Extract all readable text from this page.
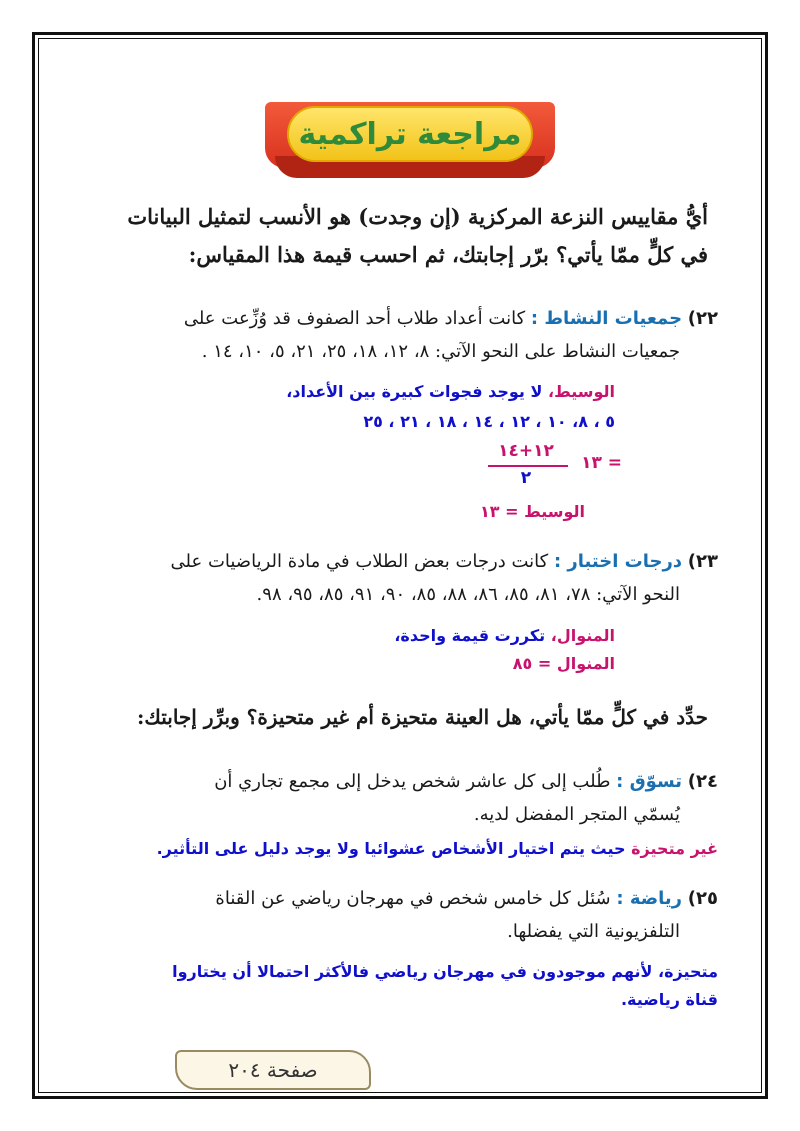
مراجعة تراكمية
أيُّ مقاييس النزعة المركزية (إن وجدت) هو الأنسب لتمثيل البيانات
في كلٍّ ممّا يأتي؟ برّر إجابتك، ثم احسب قيمة هذا المقياس:
٢٢) جمعيات النشاط : كانت أعداد طلاب أحد الصفوف قد وُزِّعت على
جمعيات النشاط على النحو الآتي: ٨، ١٢، ١٨، ٢٥، ٢١، ٥، ١٠، ١٤ .
الوسيط، لا يوجد فجوات كبيرة بين الأعداد،
٥ ، ٨، ١٠ ، ١٢ ، ١٤ ، ١٨ ، ٢١ ، ٢٥
١٢+١٤
٢
= ١٣
الوسيط = ١٣
٢٣) درجات اختبار : كانت درجات بعض الطلاب في مادة الرياضيات على
النحو الآتي: ٧٨، ٨١، ٨٥، ٨٦، ٨٨، ٨٥، ٩٠، ٩١، ٨٥، ٩٥، ٩٨.
المنوال، تكررت قيمة واحدة،
المنوال = ٨٥
حدِّد في كلٍّ ممّا يأتي، هل العينة متحيزة أم غير متحيزة؟ وبرِّر إجابتك:
٢٤) تسوّق : طُلب إلى كل عاشر شخص يدخل إلى مجمع تجاري أن
يُسمّي المتجر المفضل لديه.
غير متحيزة حيث يتم اختيار الأشخاص عشوائيا ولا يوجد دليل على التأثير.
٢٥) رياضة : سُئل كل خامس شخص في مهرجان رياضي عن القناة
التلفزيونية التي يفضلها.
متحيزة، لأنهم موجودون في مهرجان رياضي فالأكثر احتمالا أن يختاروا
قناة رياضية.
صفحة ٢٠٤
